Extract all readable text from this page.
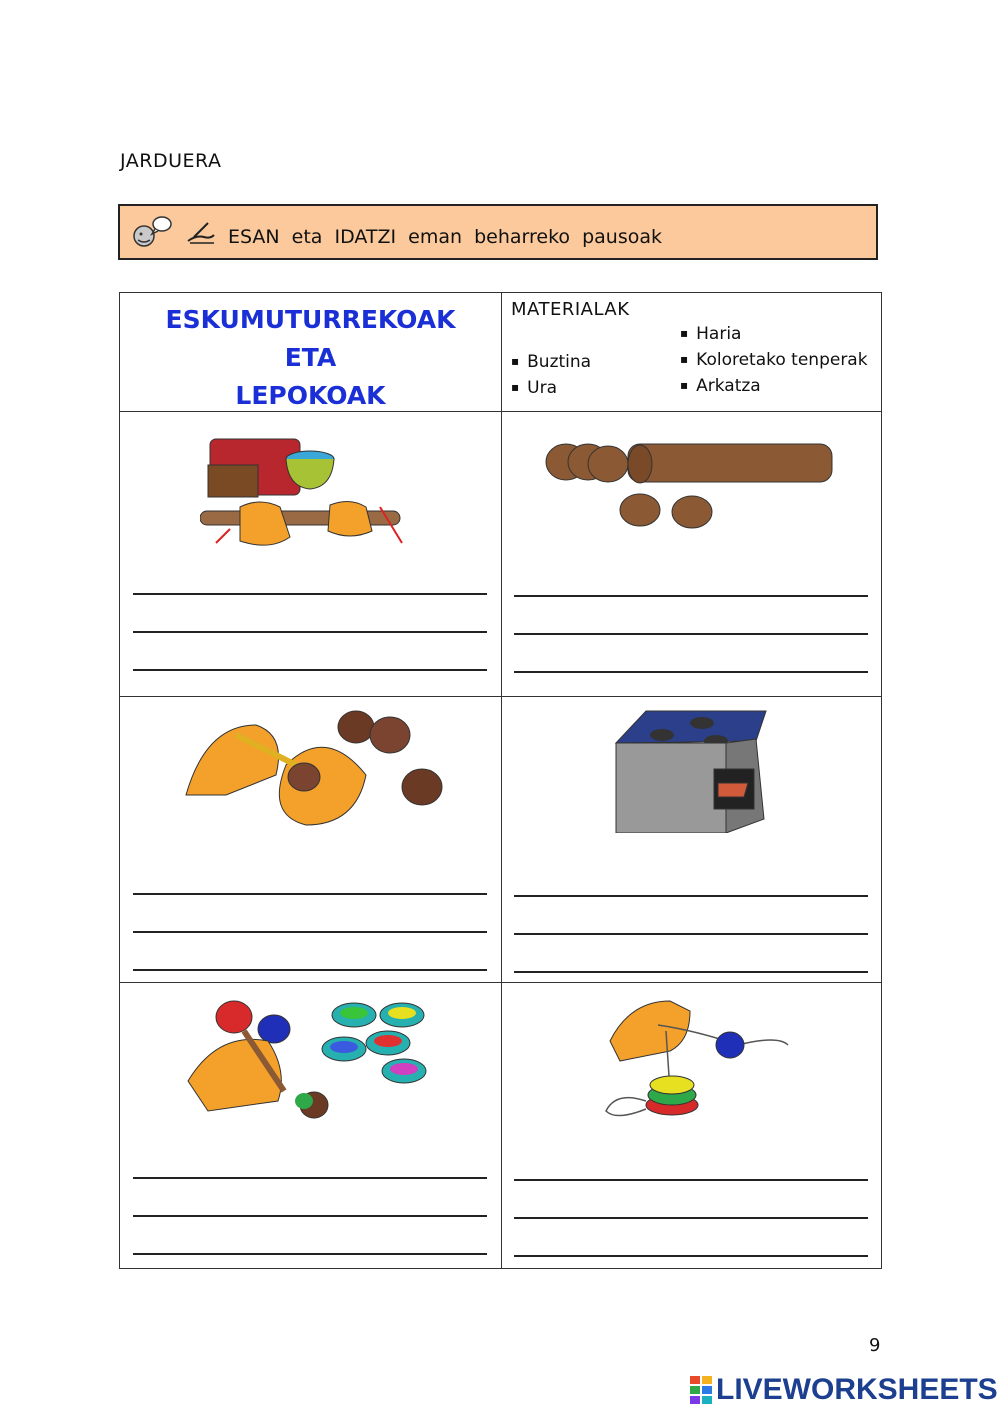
JARDUERA
ESAN eta IDATZI eman beharreko pausoak
ESKUMUTURREKOAK
ETA
LEPOKOAK
MATERIALAK
▪ Buztina
▪ Ura
▪ Haria
▪ Koloretako tenperak
▪ Arkatza
9
LIVEWORKSHEETS
